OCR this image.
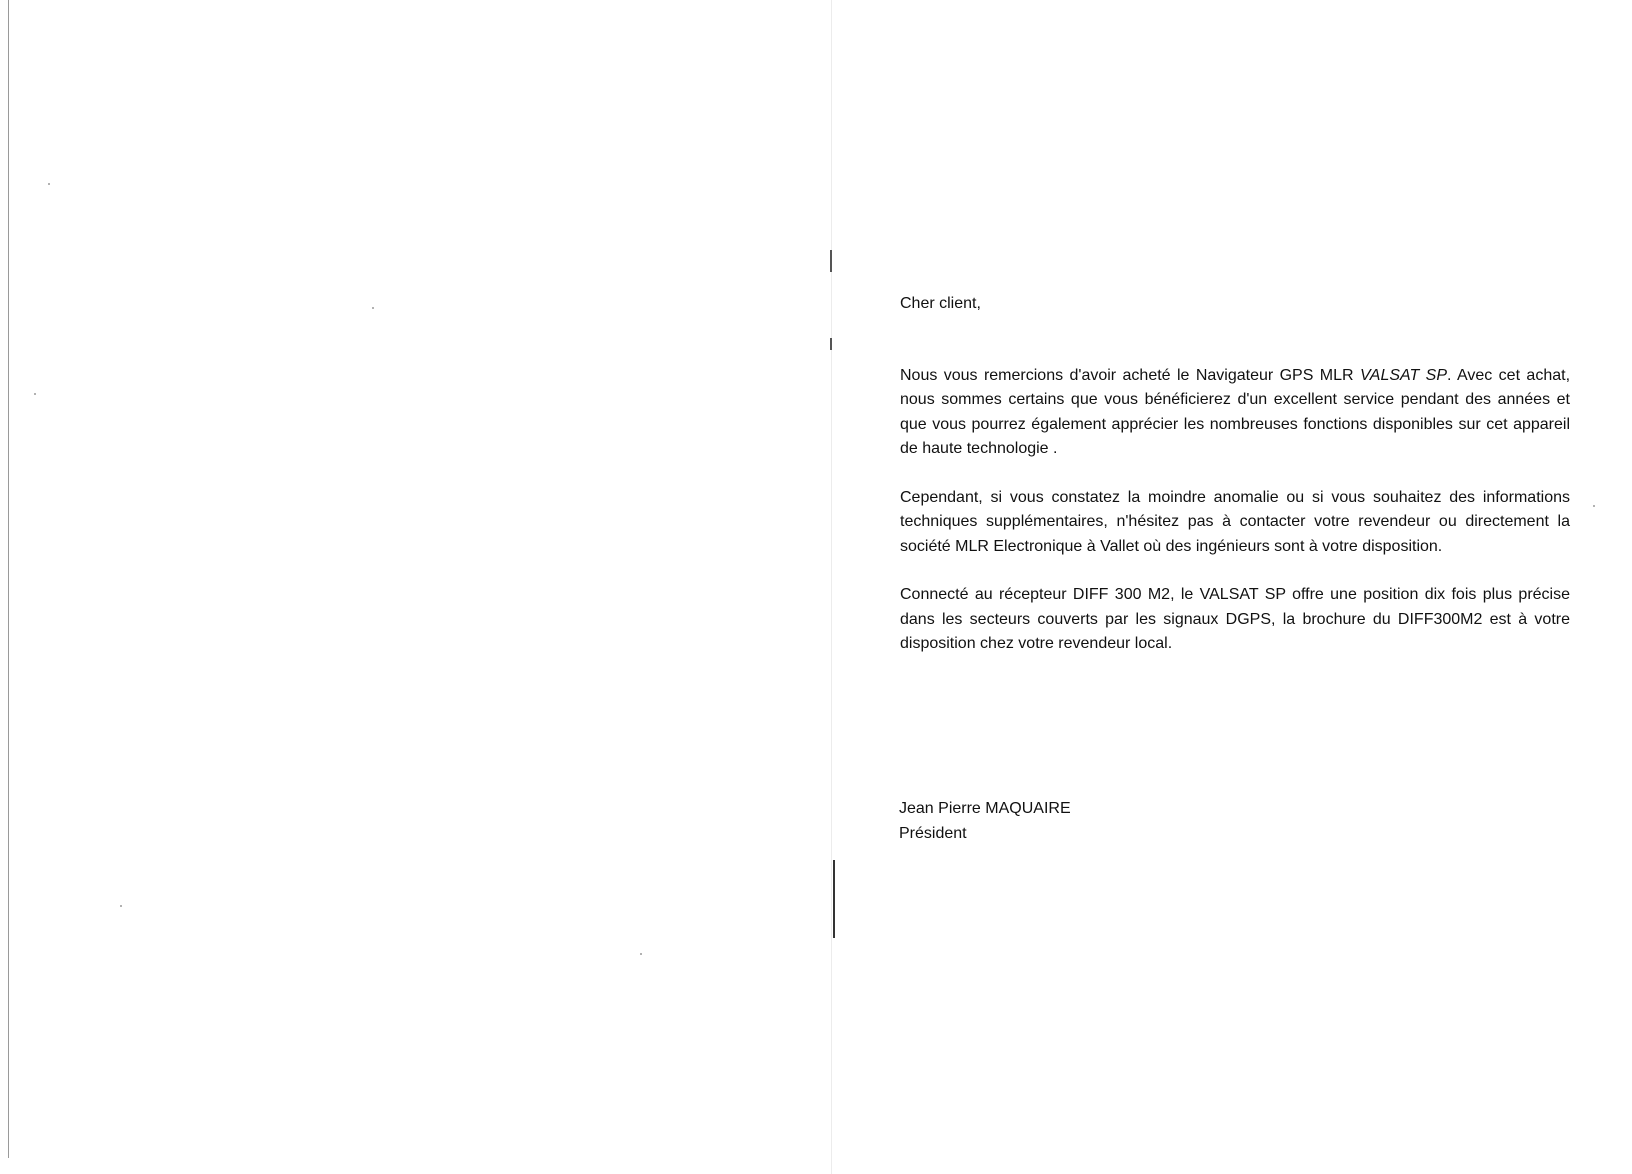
Cher client,

Nous vous remercions d'avoir acheté le Navigateur GPS MLR VALSAT SP. Avec cet achat, nous sommes certains que vous bénéficierez d'un excellent service pendant des années et que vous pourrez également apprécier les nombreuses fonctions disponibles sur cet appareil de haute technologie .

Cependant, si vous constatez la moindre anomalie ou si vous souhaitez des informations techniques supplémentaires, n'hésitez pas à contacter votre revendeur ou directement la société MLR Electronique à Vallet où des ingénieurs sont à votre disposition.

Connecté au récepteur DIFF 300 M2, le VALSAT SP offre une position dix fois plus précise dans les secteurs couverts par les signaux DGPS, la brochure du DIFF300M2 est à votre disposition chez votre revendeur local.

Jean Pierre MAQUAIRE
Président
